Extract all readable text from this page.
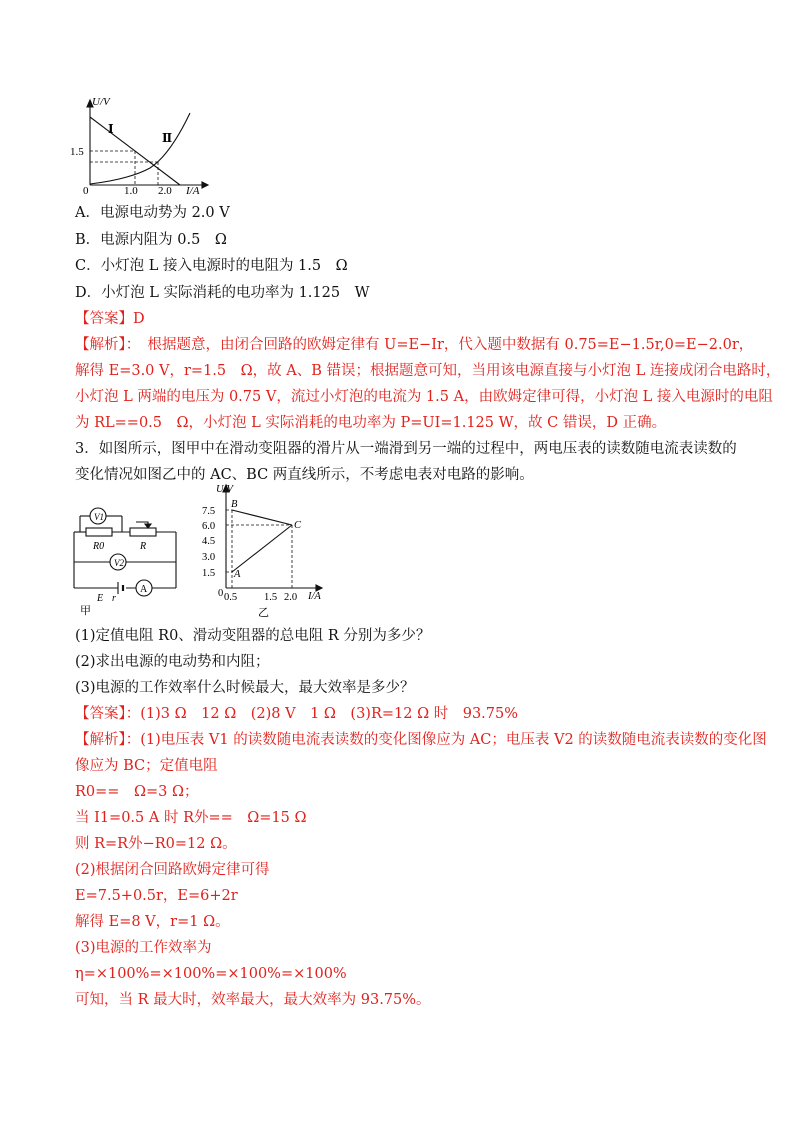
U/V
I/A
0
1.5
1.0 2.0
Ⅰ
Ⅱ
A．电源电动势为 2.0 V
B．电源内阻为 0.5　Ω
C．小灯泡 L 接入电源时的电阻为 1.5　Ω
D．小灯泡 L 实际消耗的电功率为 1.125　W
【答案】D
【解析】：　根据题意，由闭合回路的欧姆定律有 U=E−Ir，代入题中数据有 0.75=E−1.5r,0=E−2.0r，
解得 E=3.0 V，r=1.5　Ω，故 A、B 错误；根据题意可知，当用该电源直接与小灯泡 L 连接成闭合电路时，
小灯泡 L 两端的电压为 0.75 V，流过小灯泡的电流为 1.5 A，由欧姆定律可得，小灯泡 L 接入电源时的电阻
为 RL==0.5　Ω，小灯泡 L 实际消耗的电功率为 P=UI=1.125 W，故 C 错误，D 正确。
3．如图所示，图甲中在滑动变阻器的滑片从一端滑到另一端的过程中，两电压表的读数随电流表读数的
变化情况如图乙中的 AC、BC 两直线所示，不考虑电表对电路的影响。
V1
R0	R
V2
A
E r
甲
U/V
I/A
0
7.5
6.0
4.5
3.0
1.5
0.5	1.5 2.0
A
B
C
乙
(1)定值电阻 R0、滑动变阻器的总电阻 R 分别为多少？
(2)求出电源的电动势和内阻；
(3)电源的工作效率什么时候最大，最大效率是多少？
【答案】：(1)3 Ω　12 Ω　(2)8 V　1 Ω　(3)R=12 Ω 时　93.75%
【解析】：(1)电压表 V1 的读数随电流表读数的变化图像应为 AC；电压表 V2 的读数随电流表读数的变化图
像应为 BC；定值电阻
R0==　Ω=3 Ω；
当 I1=0.5 A 时 R外==　Ω=15 Ω
则 R=R外−R0=12 Ω。
(2)根据闭合回路欧姆定律可得
E=7.5+0.5r，E=6+2r
解得 E=8 V，r=1 Ω。
(3)电源的工作效率为
η=×100%=×100%=×100%=×100%
可知，当 R 最大时，效率最大，最大效率为 93.75%。
